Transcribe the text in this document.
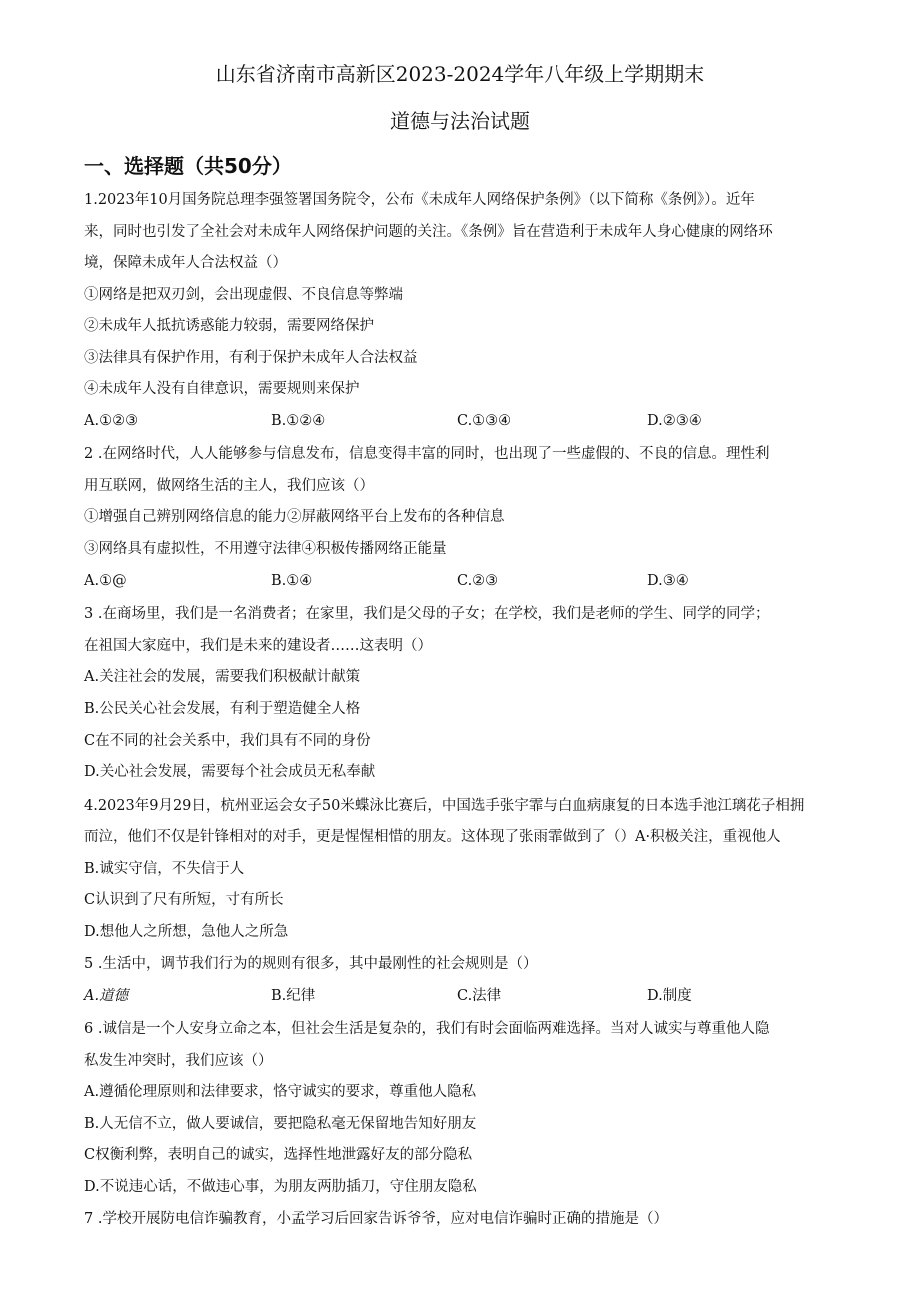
山东省济南市高新区2023-2024学年八年级上学期期末
道德与法治试题
一、选择题（共50分）
1.2023年10月国务院总理李强签署国务院令，公布《未成年人网络保护条例》（以下简称《条例》）。近年
来，同时也引发了全社会对未成年人网络保护问题的关注。《条例》旨在营造利于未成年人身心健康的网络环
境，保障未成年人合法权益（）
①网络是把双刃剑，会出现虚假、不良信息等弊端
②未成年人抵抗诱惑能力较弱，需要网络保护
③法律具有保护作用，有利于保护未成年人合法权益
④未成年人没有自律意识，需要规则来保护
A.①②③	B.①②④	C.①③④	D.②③④
2 .在网络时代，人人能够参与信息发布，信息变得丰富的同时，也出现了一些虚假的、不良的信息。理性利
用互联网，做网络生活的主人，我们应该（）
①增强自己辨别网络信息的能力②屏蔽网络平台上发布的各种信息
③网络具有虚拟性，不用遵守法律④积极传播网络正能量
A.①@	B.①④	C.②③	D.③④
3 .在商场里，我们是一名消费者；在家里，我们是父母的子女；在学校，我们是老师的学生、同学的同学；
在祖国大家庭中，我们是未来的建设者……这表明（）
A.关注社会的发展，需要我们积极献计献策
B.公民关心社会发展，有利于塑造健全人格
C在不同的社会关系中，我们具有不同的身份
D.关心社会发展，需要每个社会成员无私奉献
4.2023年9月29日，杭州亚运会女子50米蝶泳比赛后，中国选手张宇霏与白血病康复的日本选手池江璃花子相拥
而泣，他们不仅是针锋相对的对手，更是惺惺相惜的朋友。这体现了张雨霏做到了（）A·积极关注，重视他人
B.诚实守信，不失信于人
C认识到了尺有所短，寸有所长
D.想他人之所想，急他人之所急
5 .生活中，调节我们行为的规则有很多，其中最刚性的社会规则是（）
A.道德	B.纪律	C.法律	D.制度
6 .诚信是一个人安身立命之本，但社会生活是复杂的，我们有时会面临两难选择。当对人诚实与尊重他人隐
私发生冲突时，我们应该（）
A.遵循伦理原则和法律要求，恪守诚实的要求，尊重他人隐私
B.人无信不立，做人要诚信，要把隐私毫无保留地告知好朋友
C权衡利弊，表明自己的诚实，选择性地泄露好友的部分隐私
D.不说违心话，不做违心事，为朋友两肋插刀，守住朋友隐私
7 .学校开展防电信诈骗教育，小孟学习后回家告诉爷爷，应对电信诈骗时正确的措施是（）
